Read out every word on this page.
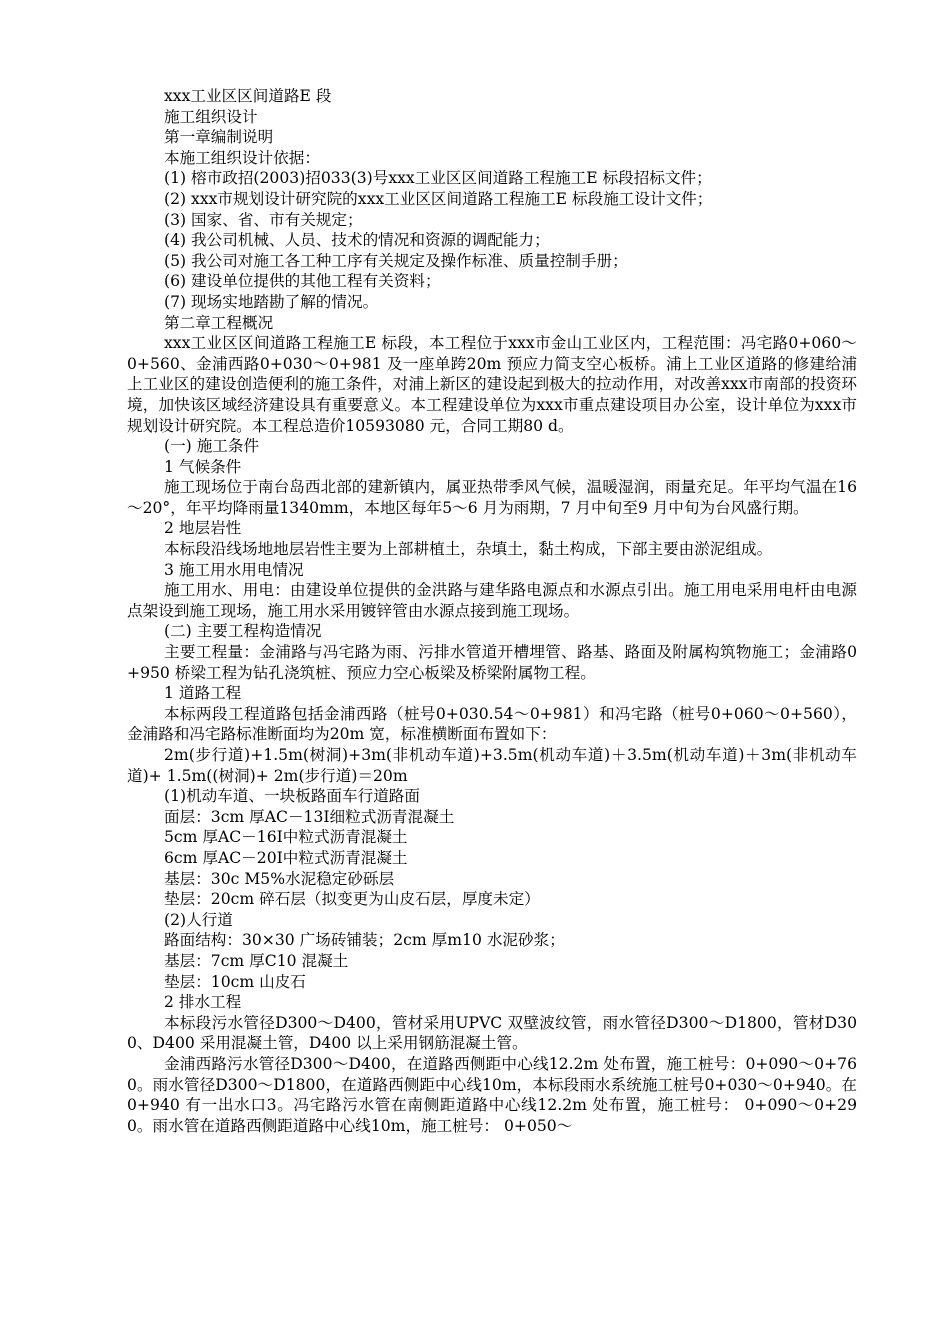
xxx工业区区间道路E 段
施工组织设计
第一章编制说明
本施工组织设计依据：
(1) 榕市政招(2003)招033(3)号xxx工业区区间道路工程施工E 标段招标文件；
(2) xxx市规划设计研究院的xxx工业区区间道路工程施工E 标段施工设计文件；
(3) 国家、省、市有关规定；
(4) 我公司机械、人员、技术的情况和资源的调配能力；
(5) 我公司对施工各工种工序有关规定及操作标准、质量控制手册；
(6) 建设单位提供的其他工程有关资料；
(7) 现场实地踏勘了解的情况。
第二章工程概况
xxx工业区区间道路工程施工E 标段，本工程位于xxx市金山工业区内，工程范围：冯宅路0+060～0+560、金浦西路0+030～0+981 及一座单跨20m 预应力简支空心板桥。浦上工业区道路的修建给浦上工业区的建设创造便利的施工条件，对浦上新区的建设起到极大的拉动作用，对改善xxx市南部的投资环境，加快该区域经济建设具有重要意义。本工程建设单位为xxx市重点建设项目办公室，设计单位为xxx市规划设计研究院。本工程总造价10593080 元，合同工期80 d。
(一) 施工条件
1 气候条件
施工现场位于南台岛西北部的建新镇内，属亚热带季风气候，温暖湿润，雨量充足。年平均气温在16～20°，年平均降雨量1340mm，本地区每年5～6 月为雨期，7 月中旬至9 月中旬为台风盛行期。
2 地层岩性
本标段沿线场地地层岩性主要为上部耕植土，杂填土，黏土构成，下部主要由淤泥组成。
3 施工用水用电情况
施工用水、用电：由建设单位提供的金洪路与建华路电源点和水源点引出。施工用电采用电杆由电源点架设到施工现场，施工用水采用镀锌管由水源点接到施工现场。
(二) 主要工程构造情况
主要工程量：金浦路与冯宅路为雨、污排水管道开槽埋管、路基、路面及附属构筑物施工；金浦路0+950 桥梁工程为钻孔浇筑桩、预应力空心板梁及桥梁附属物工程。
1 道路工程
本标两段工程道路包括金浦西路（桩号0+030.54～0+981）和冯宅路（桩号0+060～0+560），金浦路和冯宅路标准断面均为20m 宽，标准横断面布置如下：
2m(步行道)+1.5m(树洞)+3m(非机动车道)+3.5m(机动车道)＋3.5m(机动车道)＋3m(非机动车道)+ 1.5m((树洞)+ 2m(步行道)＝20m
(1)机动车道、一块板路面车行道路面
面层：3cm 厚AC－13Ⅰ细粒式沥青混凝土
5cm 厚AC－16Ⅰ中粒式沥青混凝土
6cm 厚AC－20Ⅰ中粒式沥青混凝土
基层：30c M5%水泥稳定砂砾层
垫层：20cm 碎石层（拟变更为山皮石层，厚度未定）
(2)人行道
路面结构：30×30 广场砖铺装；2cm 厚m10 水泥砂浆；
基层：7cm 厚C10 混凝土
垫层：10cm 山皮石
2 排水工程
本标段污水管径D300～D400，管材采用UPVC 双壁波纹管，雨水管径D300～D1800，管材D300、D400 采用混凝土管，D400 以上采用钢筋混凝土管。
金浦西路污水管径D300～D400，在道路西侧距中心线12.2m 处布置，施工桩号：0+090～0+760。雨水管径D300～D1800，在道路西侧距中心线10m，本标段雨水系统施工桩号0+030～0+940。在0+940 有一出水口3。冯宅路污水管在南侧距道路中心线12.2m 处布置，施工桩号： 0+090～0+290。雨水管在道路西侧距道路中心线10m，施工桩号： 0+050～
